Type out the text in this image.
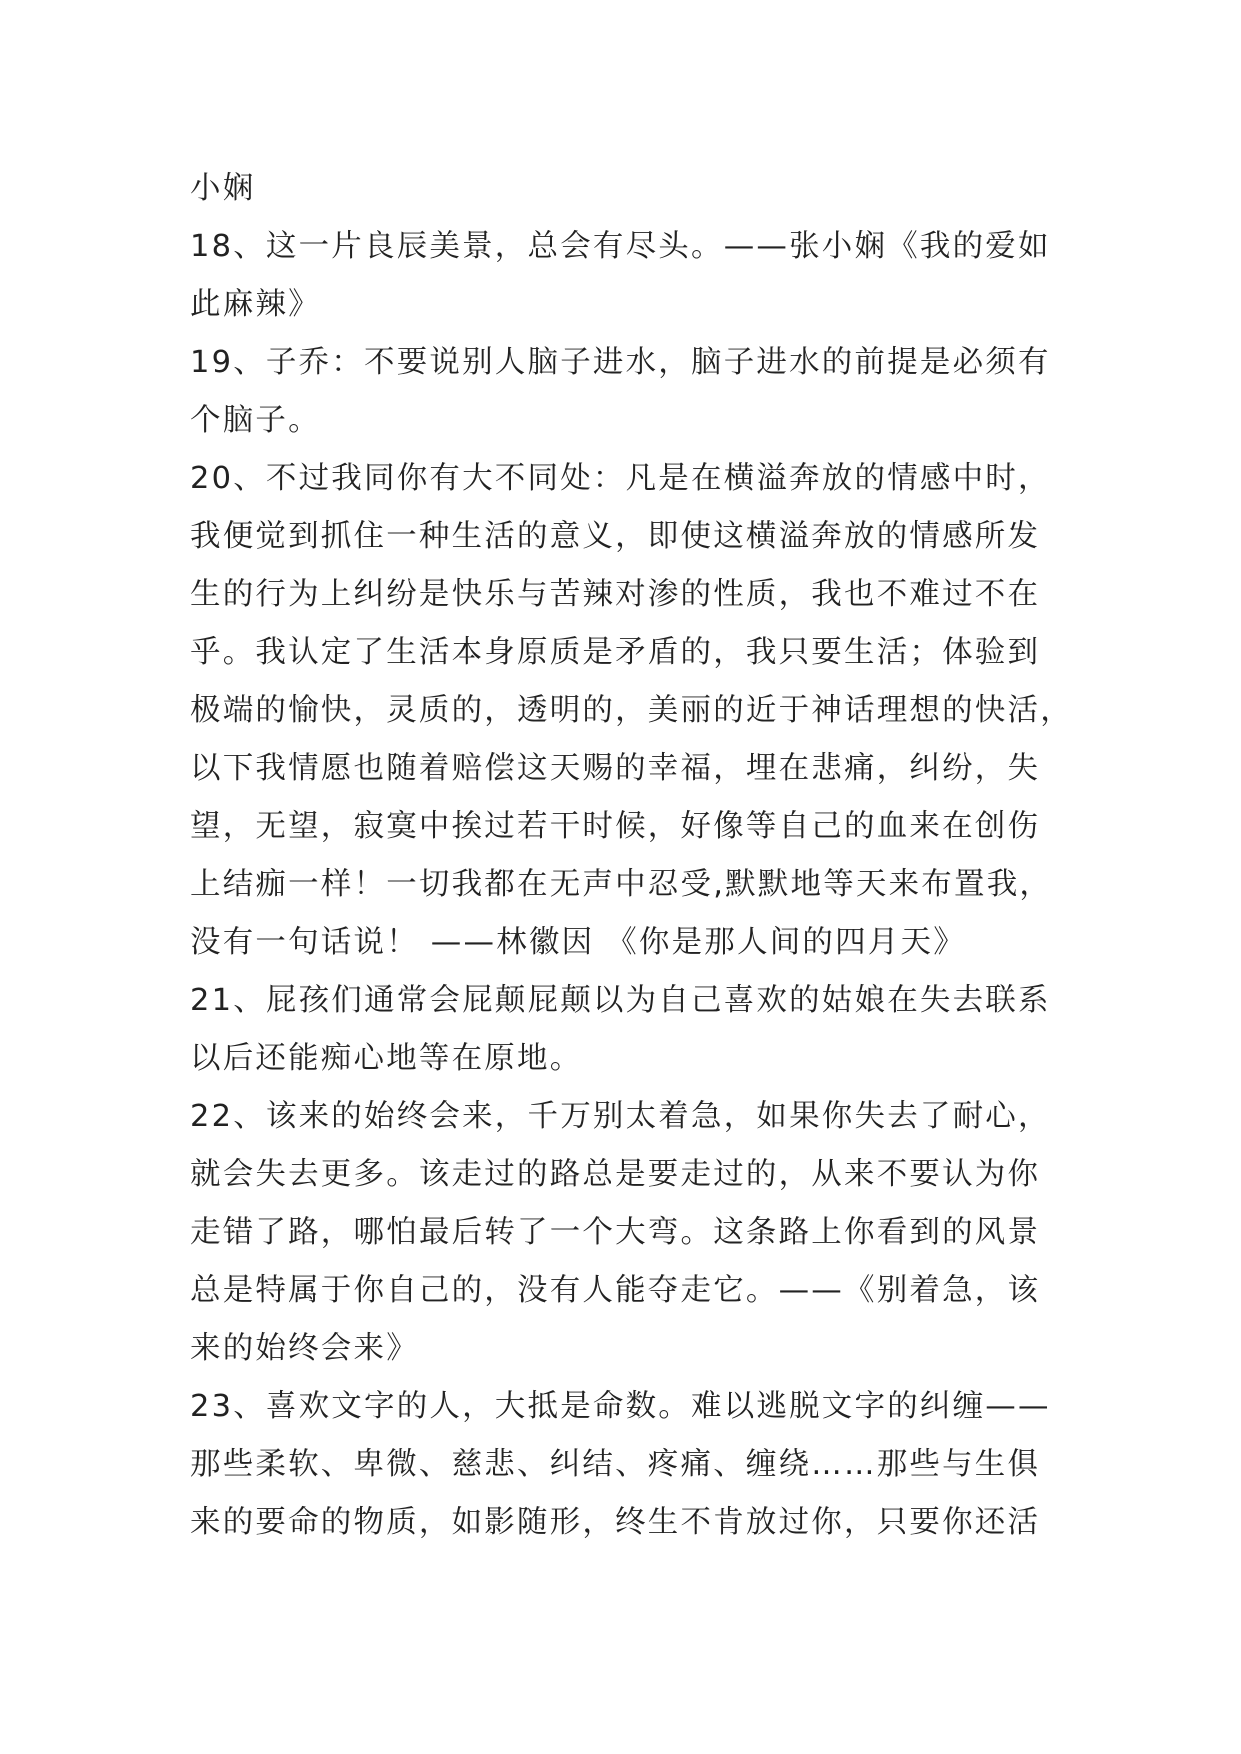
小娴
18、这一片良辰美景，总会有尽头。——张小娴《我的爱如
此麻辣》
19、子乔：不要说别人脑子进水，脑子进水的前提是必须有
个脑子。
20、不过我同你有大不同处：凡是在横溢奔放的情感中时，
我便觉到抓住一种生活的意义，即使这横溢奔放的情感所发
生的行为上纠纷是快乐与苦辣对渗的性质，我也不难过不在
乎。我认定了生活本身原质是矛盾的，我只要生活；体验到
极端的愉快，灵质的，透明的，美丽的近于神话理想的快活，
以下我情愿也随着赔偿这天赐的幸福，埋在悲痛，纠纷，失
望，无望，寂寞中挨过若干时候，好像等自己的血来在创伤
上结痂一样！一切我都在无声中忍受,默默地等天来布置我，
没有一句话说！ ——林徽因 《你是那人间的四月天》
21、屁孩们通常会屁颠屁颠以为自己喜欢的姑娘在失去联系
以后还能痴心地等在原地。
22、该来的始终会来，千万别太着急，如果你失去了耐心，
就会失去更多。该走过的路总是要走过的，从来不要认为你
走错了路，哪怕最后转了一个大弯。这条路上你看到的风景
总是特属于你自己的，没有人能夺走它。——《别着急，该
来的始终会来》
23、喜欢文字的人，大抵是命数。难以逃脱文字的纠缠——
那些柔软、卑微、慈悲、纠结、疼痛、缠绕……那些与生俱
来的要命的物质，如影随形，终生不肯放过你，只要你还活
